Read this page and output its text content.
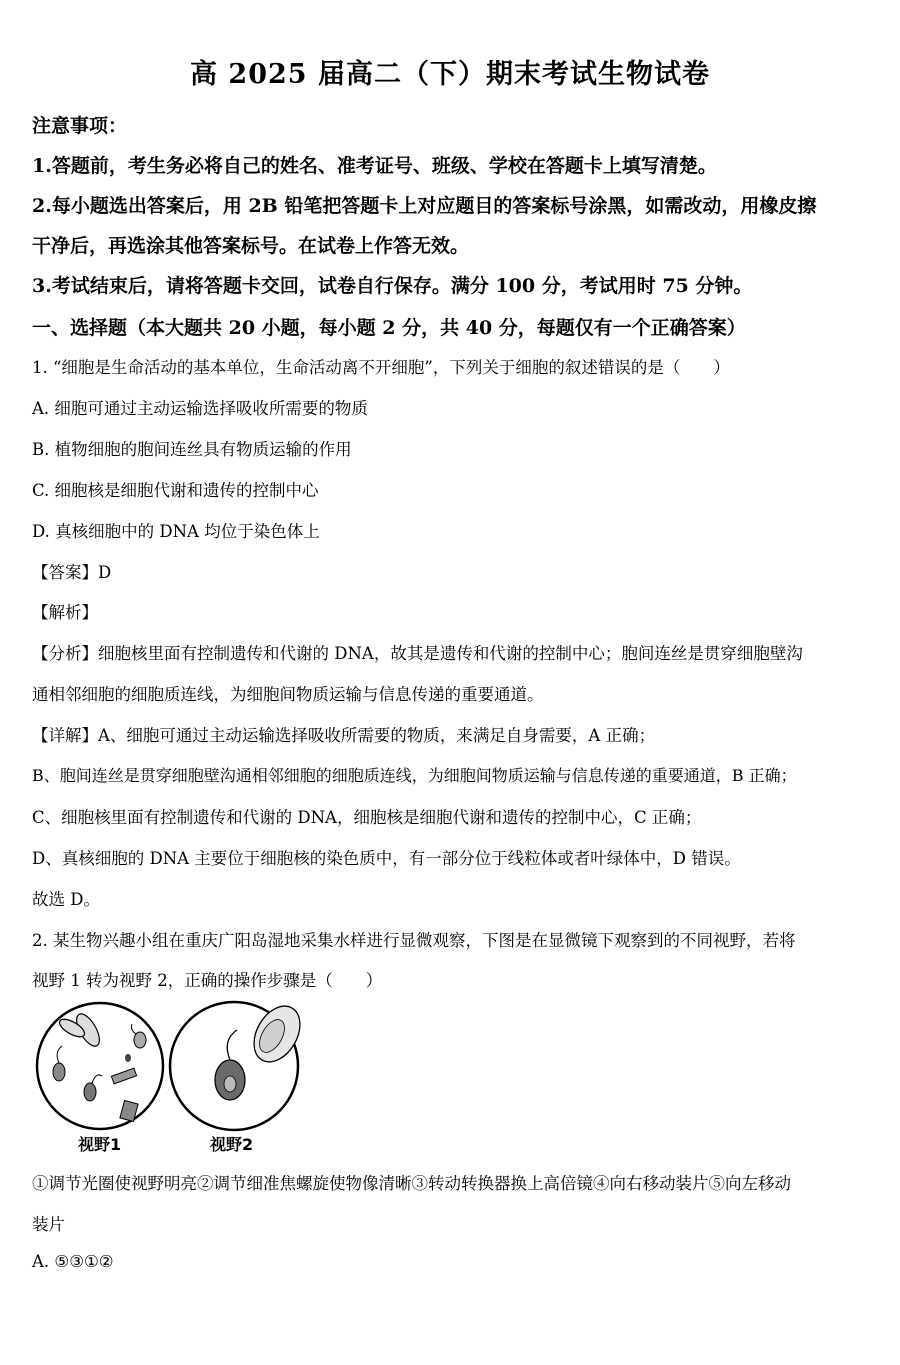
高 2025 届高二（下）期末考试生物试卷
注意事项：
1.答题前，考生务必将自己的姓名、准考证号、班级、学校在答题卡上填写清楚。
2.每小题选出答案后，用 2B 铅笔把答题卡上对应题目的答案标号涂黑，如需改动，用橡皮擦
干净后，再选涂其他答案标号。在试卷上作答无效。
3.考试结束后，请将答题卡交回，试卷自行保存。满分 100 分，考试用时 75 分钟。
一、选择题（本大题共 20 小题，每小题 2 分，共 40 分，每题仅有一个正确答案）
1. “细胞是生命活动的基本单位，生命活动离不开细胞”，下列关于细胞的叙述错误的是（　　）
A. 细胞可通过主动运输选择吸收所需要的物质
B. 植物细胞的胞间连丝具有物质运输的作用
C. 细胞核是细胞代谢和遗传的控制中心
D. 真核细胞中的 DNA 均位于染色体上
【答案】D
【解析】
【分析】细胞核里面有控制遗传和代谢的 DNA，故其是遗传和代谢的控制中心；胞间连丝是贯穿细胞壁沟
通相邻细胞的细胞质连线，为细胞间物质运输与信息传递的重要通道。
【详解】A、细胞可通过主动运输选择吸收所需要的物质，来满足自身需要，A 正确；
B、胞间连丝是贯穿细胞壁沟通相邻细胞的细胞质连线，为细胞间物质运输与信息传递的重要通道，B 正确；
C、细胞核里面有控制遗传和代谢的 DNA，细胞核是细胞代谢和遗传的控制中心，C 正确；
D、真核细胞的 DNA 主要位于细胞核的染色质中，有一部分位于线粒体或者叶绿体中，D 错误。
故选 D。
2. 某生物兴趣小组在重庆广阳岛湿地采集水样进行显微观察，下图是在显微镜下观察到的不同视野，若将
视野 1 转为视野 2，正确的操作步骤是（　　）
视野1	视野2
①调节光圈使视野明亮②调节细准焦螺旋使物像清晰③转动转换器换上高倍镜④向右移动装片⑤向左移动
装片
A. ⑤③①②
